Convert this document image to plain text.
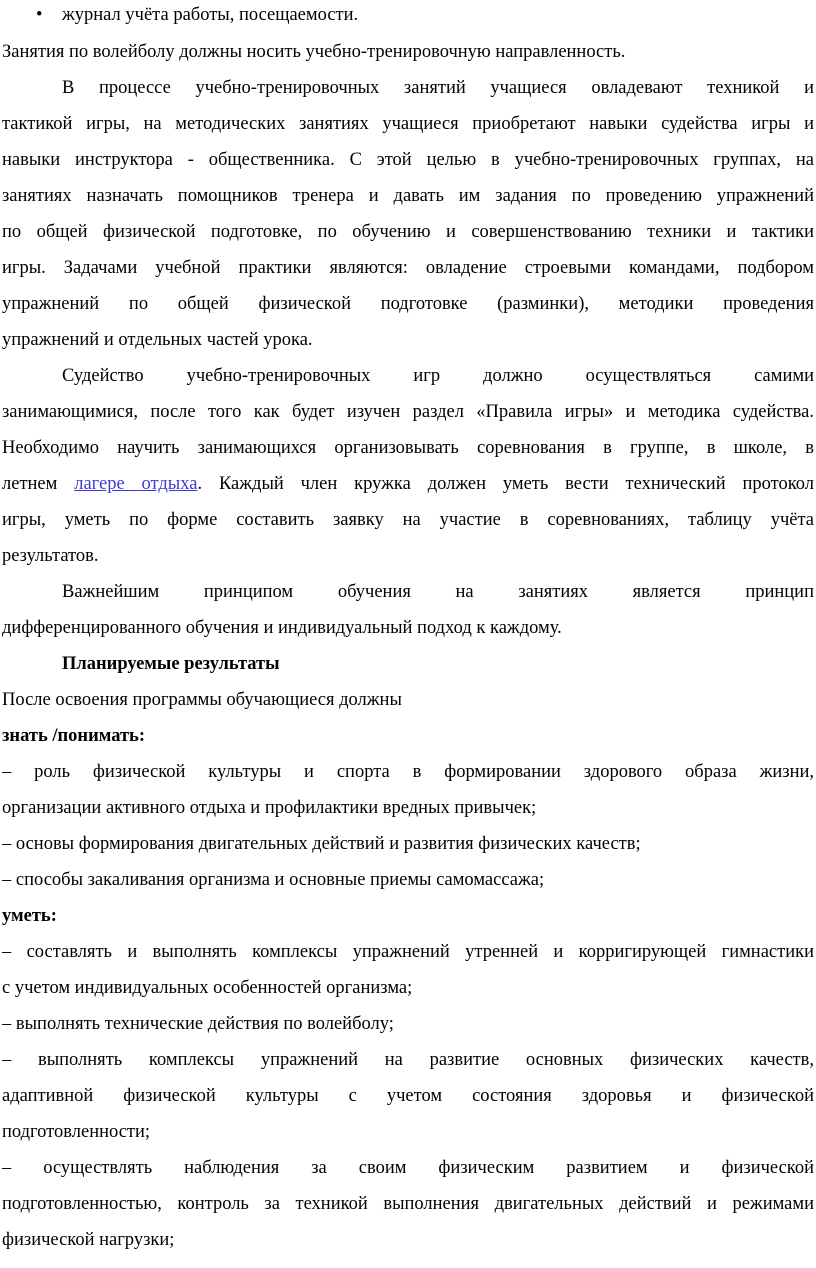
• журнал учёта работы, посещаемости.
Занятия по волейболу должны носить учебно-тренировочную направленность.
В процессе учебно-тренировочных занятий учащиеся овладевают техникой и
тактикой игры, на методических занятиях учащиеся приобретают навыки судейства игры и
навыки инструктора - общественника. С этой целью в учебно-тренировочных группах, на
занятиях назначать помощников тренера и давать им задания по проведению упражнений
по общей физической подготовке, по обучению и совершенствованию техники и тактики
игры. Задачами учебной практики являются: овладение строевыми командами, подбором
упражнений по общей физической подготовке (разминки), методики проведения
упражнений и отдельных частей урока.
Судейство учебно-тренировочных игр должно осуществляться самими
занимающимися, после того как будет изучен раздел «Правила игры» и методика судейства.
Необходимо научить занимающихся организовывать соревнования в группе, в школе, в
летнем лагере отдыха. Каждый член кружка должен уметь вести технический протокол
игры, уметь по форме составить заявку на участие в соревнованиях, таблицу учёта
результатов.
Важнейшим принципом обучения на занятиях является принцип
дифференцированного обучения и индивидуальный подход к каждому.
Планируемые результаты
После освоения программы обучающиеся должны
знать /понимать:
– роль физической культуры и спорта в формировании здорового образа жизни,
организации активного отдыха и профилактики вредных привычек;
– основы формирования двигательных действий и развития физических качеств;
– способы закаливания организма и основные приемы самомассажа;
уметь:
– составлять и выполнять комплексы упражнений утренней и корригирующей гимнастики
с учетом индивидуальных особенностей организма;
– выполнять технические действия по волейболу;
– выполнять комплексы упражнений на развитие основных физических качеств,
адаптивной физической культуры с учетом состояния здоровья и физической
подготовленности;
– осуществлять наблюдения за своим физическим развитием и физической
подготовленностью, контроль за техникой выполнения двигательных действий и режимами
физической нагрузки;
